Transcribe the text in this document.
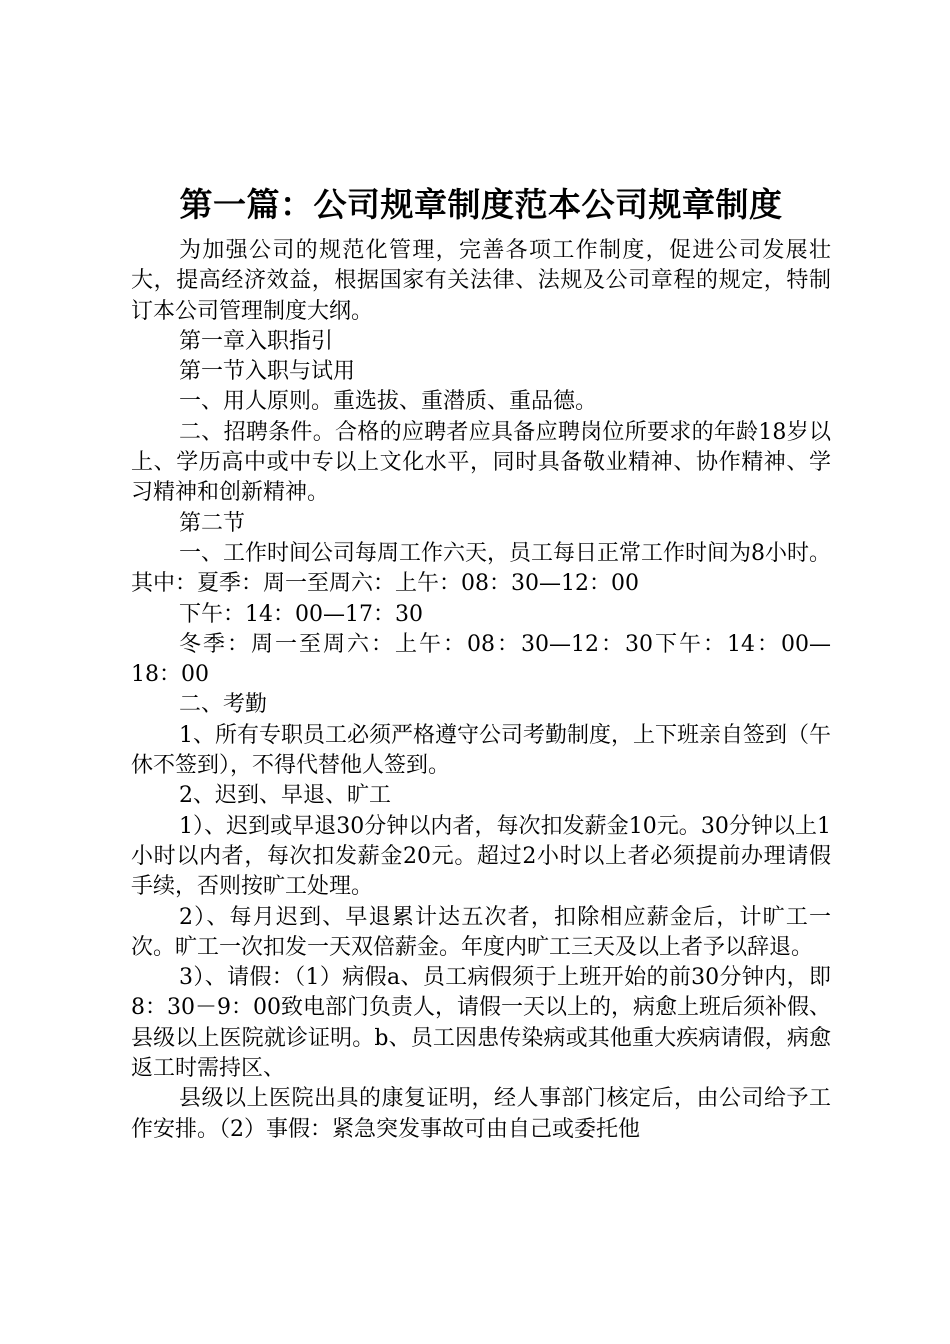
第一篇：公司规章制度范本公司规章制度

为加强公司的规范化管理，完善各项工作制度，促进公司发展壮大，提高经济效益，根据国家有关法律、法规及公司章程的规定，特制订本公司管理制度大纲。

第一章入职指引

第一节入职与试用

一、用人原则。重选拔、重潜质、重品德。

二、招聘条件。合格的应聘者应具备应聘岗位所要求的年龄18岁以上、学历高中或中专以上文化水平，同时具备敬业精神、协作精神、学习精神和创新精神。

第二节

一、工作时间公司每周工作六天，员工每日正常工作时间为8小时。其中：夏季：周一至周六：上午：08：30—12：00

下午：14：00—17：30

冬季：周一至周六：上午：08：30—12：30下午：14：00—18：00

二、考勤

1、所有专职员工必须严格遵守公司考勤制度，上下班亲自签到（午休不签到），不得代替他人签到。

2、迟到、早退、旷工

1）、迟到或早退30分钟以内者，每次扣发薪金10元。30分钟以上1小时以内者，每次扣发薪金20元。超过2小时以上者必须提前办理请假手续，否则按旷工处理。

2）、每月迟到、早退累计达五次者，扣除相应薪金后，计旷工一次。旷工一次扣发一天双倍薪金。年度内旷工三天及以上者予以辞退。

3）、请假：（1）病假a、员工病假须于上班开始的前30分钟内，即8：30－9：00致电部门负责人，请假一天以上的，病愈上班后须补假、县级以上医院就诊证明。b、员工因患传染病或其他重大疾病请假，病愈返工时需持区、

县级以上医院出具的康复证明，经人事部门核定后，由公司给予工作安排。（2）事假：紧急突发事故可由自己或委托他
